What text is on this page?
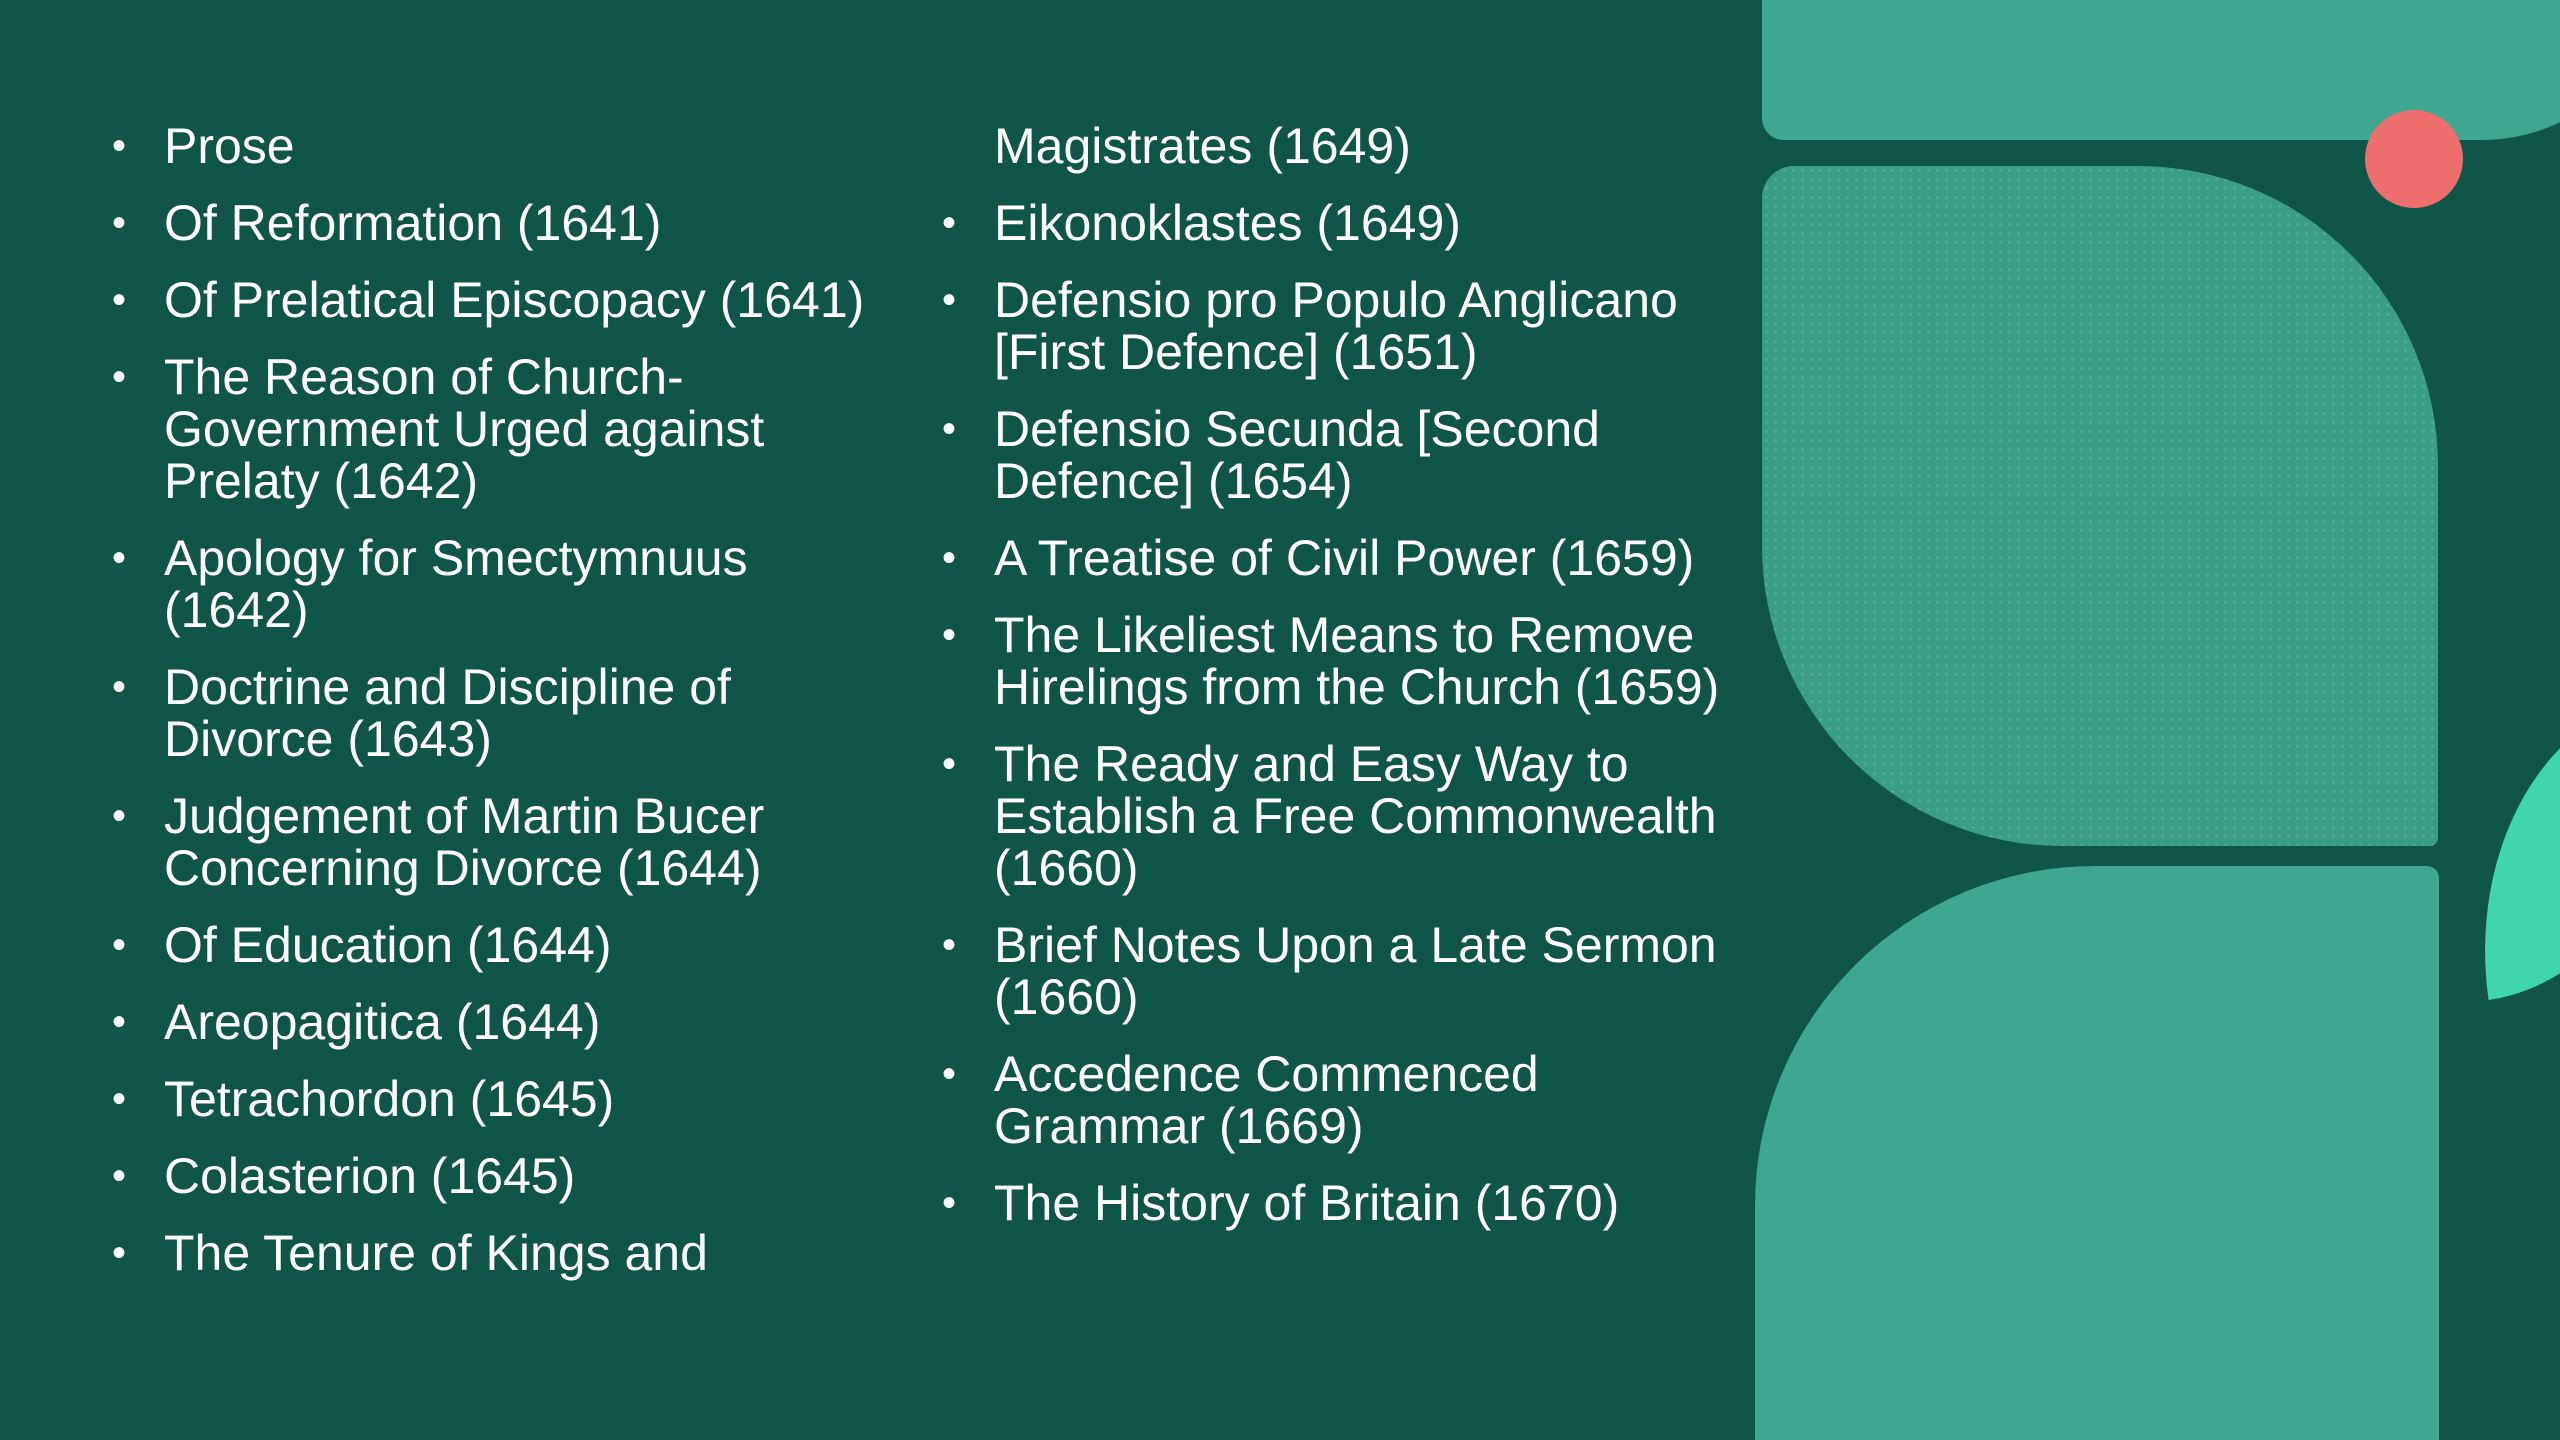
• Prose
• Of Reformation (1641)
• Of Prelatical Episcopacy (1641)
• The Reason of Church-Government Urged against Prelaty (1642)
• Apology for Smectymnuus (1642)
• Doctrine and Discipline of Divorce (1643)
• Judgement of Martin Bucer Concerning Divorce (1644)
• Of Education (1644)
• Areopagitica (1644)
• Tetrachordon (1645)
• Colasterion (1645)
• The Tenure of Kings and
Magistrates (1649)
• Eikonoklastes (1649)
• Defensio pro Populo Anglicano [First Defence] (1651)
• Defensio Secunda [Second Defence] (1654)
• A Treatise of Civil Power (1659)
• The Likeliest Means to Remove Hirelings from the Church (1659)
• The Ready and Easy Way to Establish a Free Commonwealth (1660)
• Brief Notes Upon a Late Sermon (1660)
• Accedence Commenced Grammar (1669)
• The History of Britain (1670)
